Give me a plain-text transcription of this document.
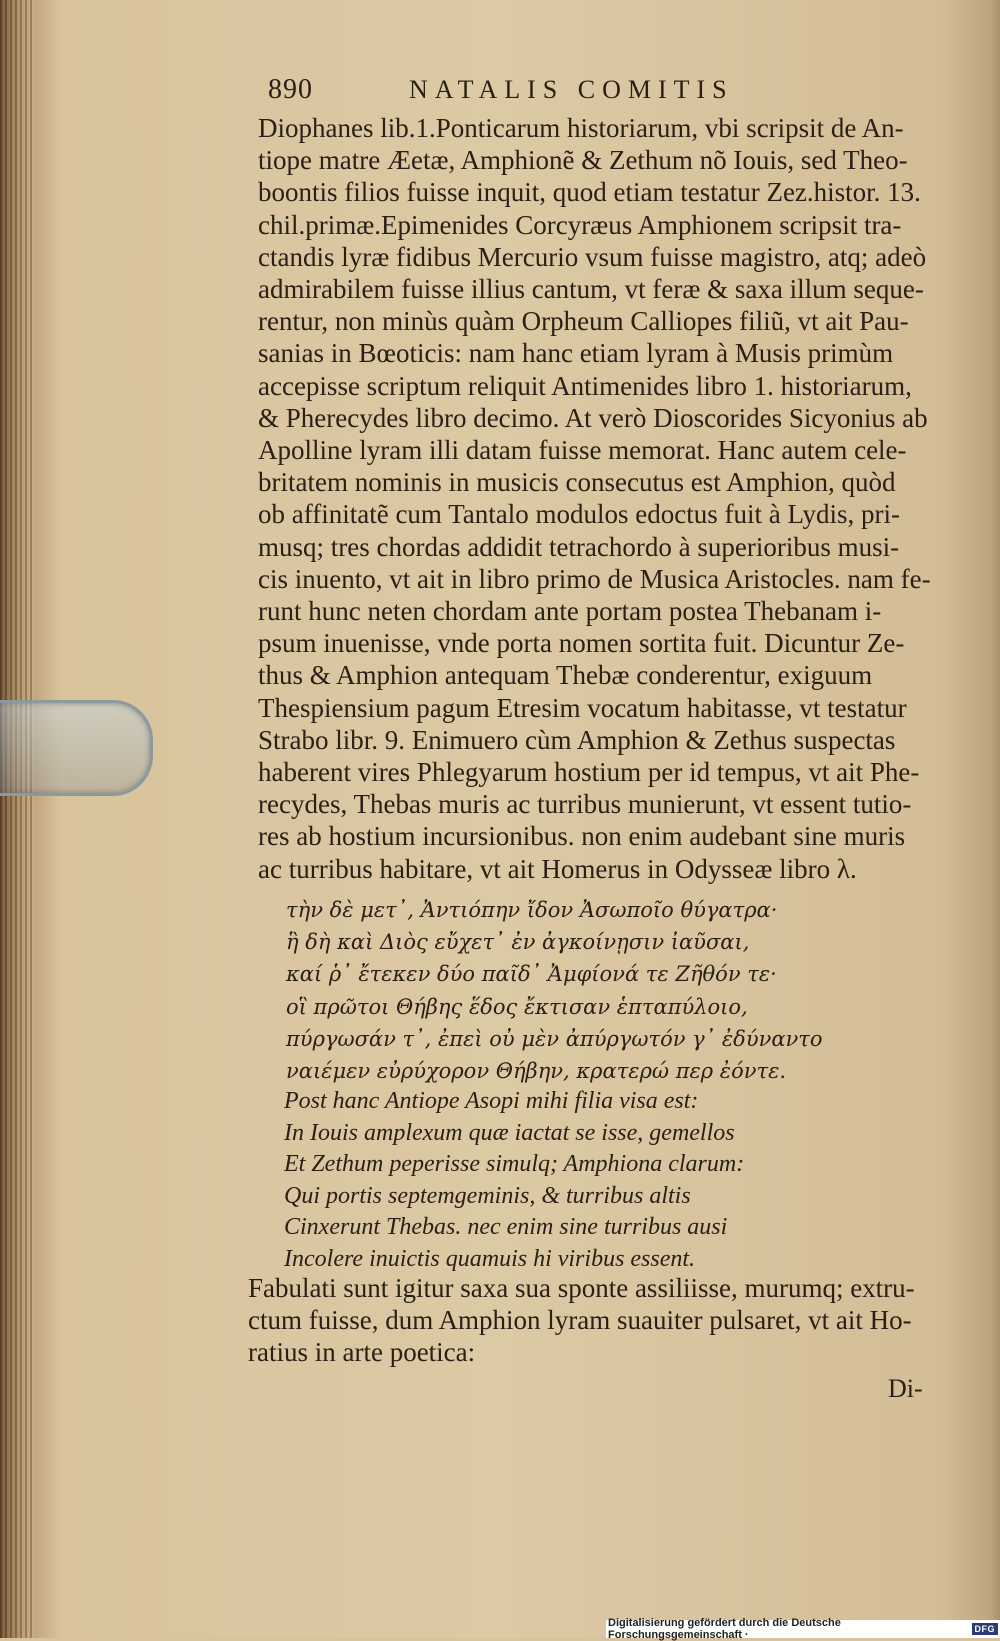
890	NATALIS COMITIS
Diophanes lib.1.Ponticarum historiarum, vbi scripsit de An-
tiope matre Æetæ, Amphionẽ & Zethum nõ Iouis, sed Theo-
boontis filios fuisse inquit, quod etiam testatur Zez.histor. 13.
chil.primæ.Epimenides Corcyræus Amphionem scripsit tra-
ctandis lyræ fidibus Mercurio vsum fuisse magistro, atq; adeò
admirabilem fuisse illius cantum, vt feræ & saxa illum seque-
rentur, non minùs quàm Orpheum Calliopes filiũ, vt ait Pau-
sanias in Bœoticis: nam hanc etiam lyram à Musis primùm
accepisse scriptum reliquit Antimenides libro 1. historiarum,
& Pherecydes libro decimo. At verò Dioscorides Sicyonius ab
Apolline lyram illi datam fuisse memorat. Hanc autem cele-
britatem nominis in musicis consecutus est Amphion, quòd
ob affinitatẽ cum Tantalo modulos edoctus fuit à Lydis, pri-
musq; tres chordas addidit tetrachordo à superioribus musi-
cis inuento, vt ait in libro primo de Musica Aristocles. nam fe-
runt hunc neten chordam ante portam postea Thebanam i-
psum inuenisse, vnde porta nomen sortita fuit. Dicuntur Ze-
thus & Amphion antequam Thebæ conderentur, exiguum
Thespiensium pagum Etresim vocatum habitasse, vt testatur
Strabo libr. 9. Enimuero cùm Amphion & Zethus suspectas
haberent vires Phlegyarum hostium per id tempus, vt ait Phe-
recydes, Thebas muris ac turribus munierunt, vt essent tutio-
res ab hostium incursionibus. non enim audebant sine muris
ac turribus habitare, vt ait Homerus in Odysseæ libro λ.
τὴν δὲ μετ᾽, Ἀντιόπην ἴδον Ἀσωποῖο θύγατρα·
ἣ δὴ καὶ Διὸς εὔχετ᾽ ἐν ἀγκοίνῃσιν ἰαῦσαι,
καί ῥ᾽ ἔτεκεν δύο παῖδ᾽ Ἀμφίονά τε Ζῆθόν τε·
οἳ πρῶτοι Θήβης ἕδος ἔκτισαν ἑπταπύλοιο,
πύργωσάν τ᾽, ἐπεὶ οὐ μὲν ἀπύργωτόν γ᾽ ἐδύναντο
ναιέμεν εὐρύχορον Θήβην, κρατερώ περ ἐόντε.
Post hanc Antiope Asopi mihi filia visa est:
In Iouis amplexum quæ iactat se isse, gemellos
Et Zethum peperisse simulq; Amphiona clarum:
Qui portis septemgeminis, & turribus altis
Cinxerunt Thebas. nec enim sine turribus ausi
Incolere inuictis quamuis hi viribus essent.
Fabulati sunt igitur saxa sua sponte assiliisse, murumq; extru-
ctum fuisse, dum Amphion lyram suauiter pulsaret, vt ait Ho-
ratius in arte poetica:
Di-
Digitalisierung gefördert durch die Deutsche Forschungsgemeinschaft ·	DFG
